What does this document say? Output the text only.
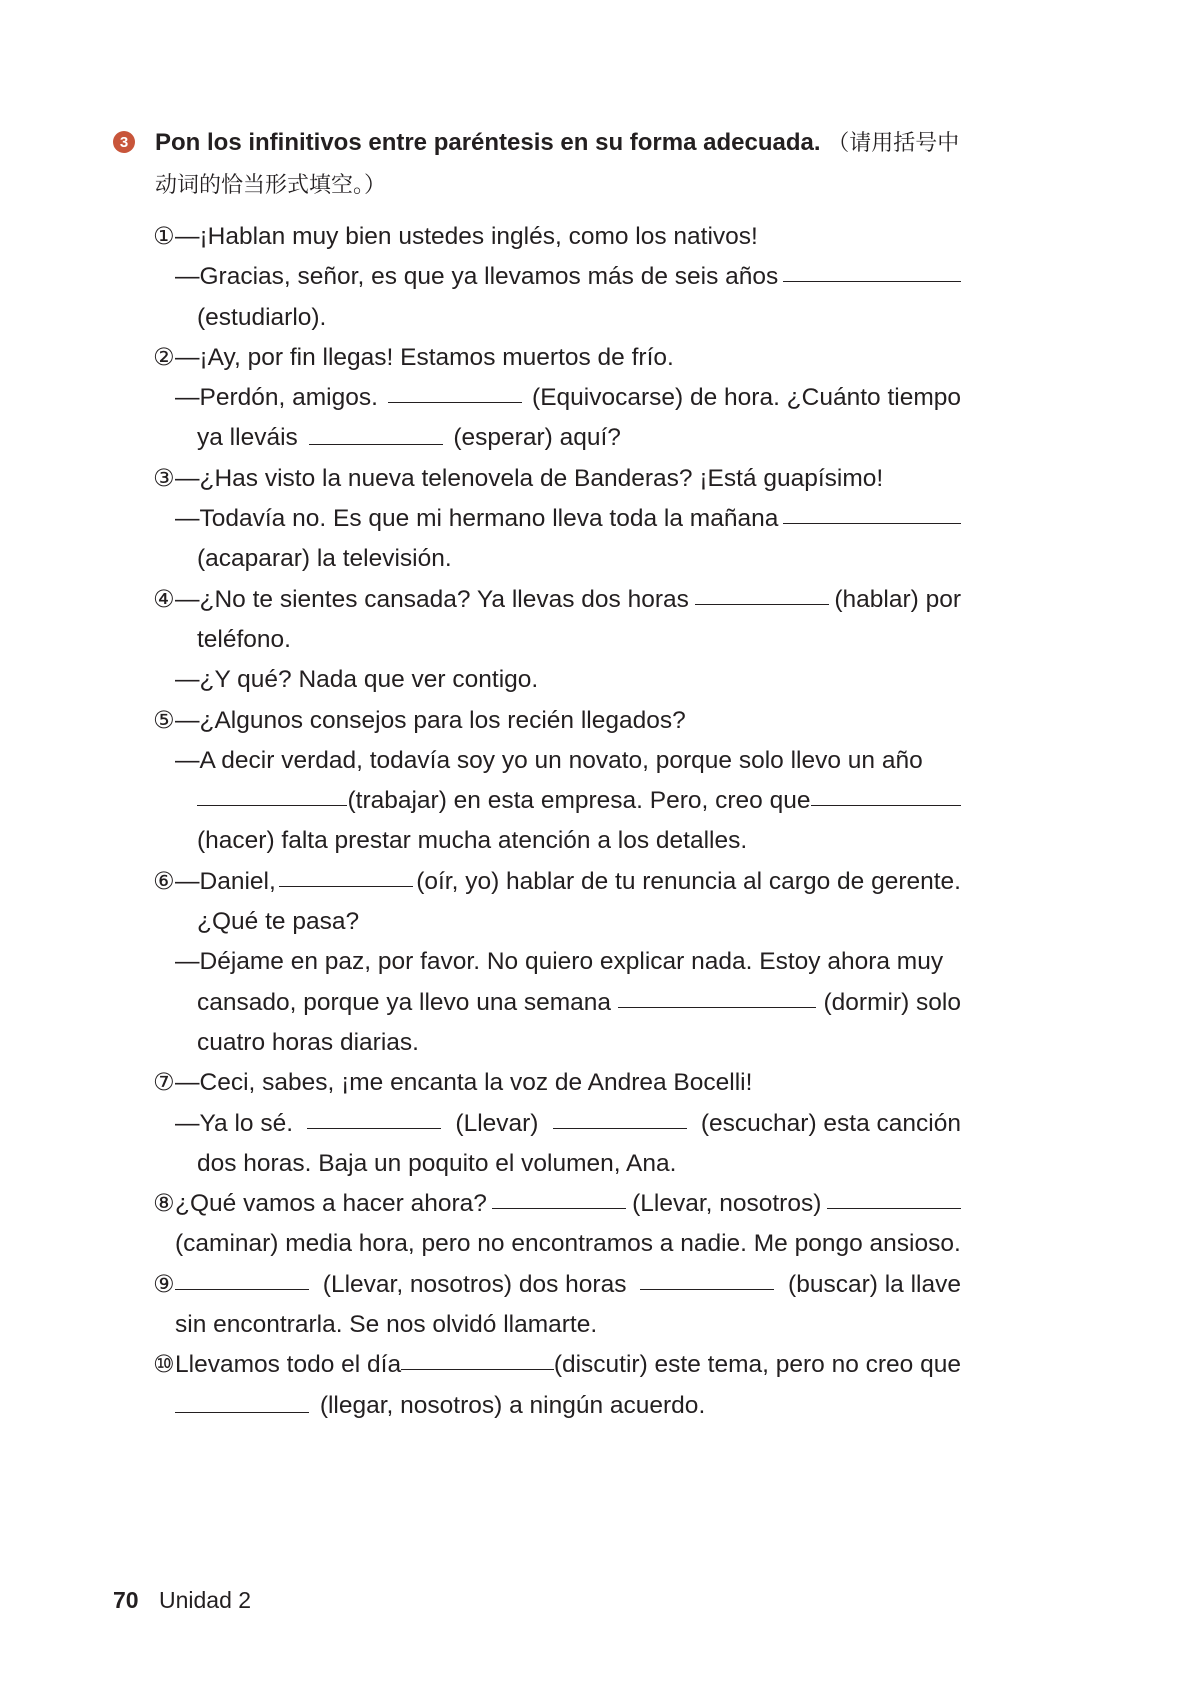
3 Pon los infinitivos entre paréntesis en su forma adecuada. （请用括号中
动词的恰当形式填空。）
① —¡Hablan muy bien ustedes inglés, como los nativos!
—Gracias, señor, es que ya llevamos más de seis años
(estudiarlo).
② —¡Ay, por fin llegas! Estamos muertos de frío.
—Perdón, amigos.	(Equivocarse) de hora. ¿Cuánto tiempo
ya lleváis	(esperar) aquí?
③ —¿Has visto la nueva telenovela de Banderas? ¡Está guapísimo!
—Todavía no. Es que mi hermano lleva toda la mañana
(acaparar) la televisión.
④ —¿No te sientes cansada? Ya llevas dos horas	(hablar) por
teléfono.
—¿Y qué? Nada que ver contigo.
⑤ —¿Algunos consejos para los recién llegados?
—A decir verdad, todavía soy yo un novato, porque solo llevo un año
(trabajar) en esta empresa. Pero, creo que
(hacer) falta prestar mucha atención a los detalles.
⑥ —Daniel,	(oír, yo) hablar de tu renuncia al cargo de gerente.
¿Qué te pasa?
—Déjame en paz, por favor. No quiero explicar nada. Estoy ahora muy
cansado, porque ya llevo una semana	(dormir) solo
cuatro horas diarias.
⑦ —Ceci, sabes, ¡me encanta la voz de Andrea Bocelli!
—Ya lo sé.	(Llevar)	(escuchar) esta canción
dos horas. Baja un poquito el volumen, Ana.
⑧ ¿Qué vamos a hacer ahora?	(Llevar, nosotros)
(caminar) media hora, pero no encontramos a nadie. Me pongo ansioso.
⑨	(Llevar, nosotros) dos horas	(buscar) la llave
sin encontrarla. Se nos olvidó llamarte.
⑩ Llevamos todo el día	(discutir) este tema, pero no creo que
(llegar, nosotros) a ningún acuerdo.
70 Unidad 2
